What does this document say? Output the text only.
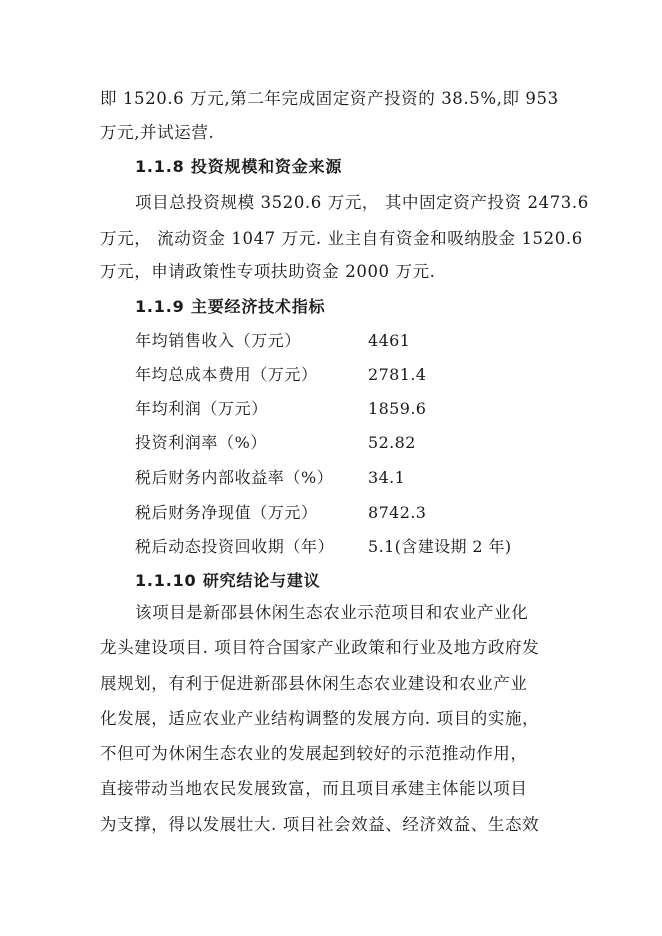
即 1520.6 万元,第二年完成固定资产投资的 38.5%,即 953
万元,并试运营.
1.1.8 投资规模和资金来源
项目总投资规模 3520.6 万元， 其中固定资产投资 2473.6
万元， 流动资金 1047 万元. 业主自有资金和吸纳股金 1520.6
万元，申请政策性专项扶助资金 2000 万元.
1.1.9 主要经济技术指标
年均销售收入（万元）	4461
年均总成本费用（万元）	2781.4
年均利润（万元）	1859.6
投资利润率（%）	52.82
税后财务内部收益率（%） 34.1
税后财务净现值（万元）	8742.3
税后动态投资回收期（年） 5.1(含建设期 2 年)
1.1.10 研究结论与建议
该项目是新邵县休闲生态农业示范项目和农业产业化
龙头建设项目. 项目符合国家产业政策和行业及地方政府发
展规划，有利于促进新邵县休闲生态农业建设和农业产业
化发展，适应农业产业结构调整的发展方向. 项目的实施，
不但可为休闲生态农业的发展起到较好的示范推动作用，
直接带动当地农民发展致富，而且项目承建主体能以项目
为支撑，得以发展壮大. 项目社会效益、经济效益、生态效
